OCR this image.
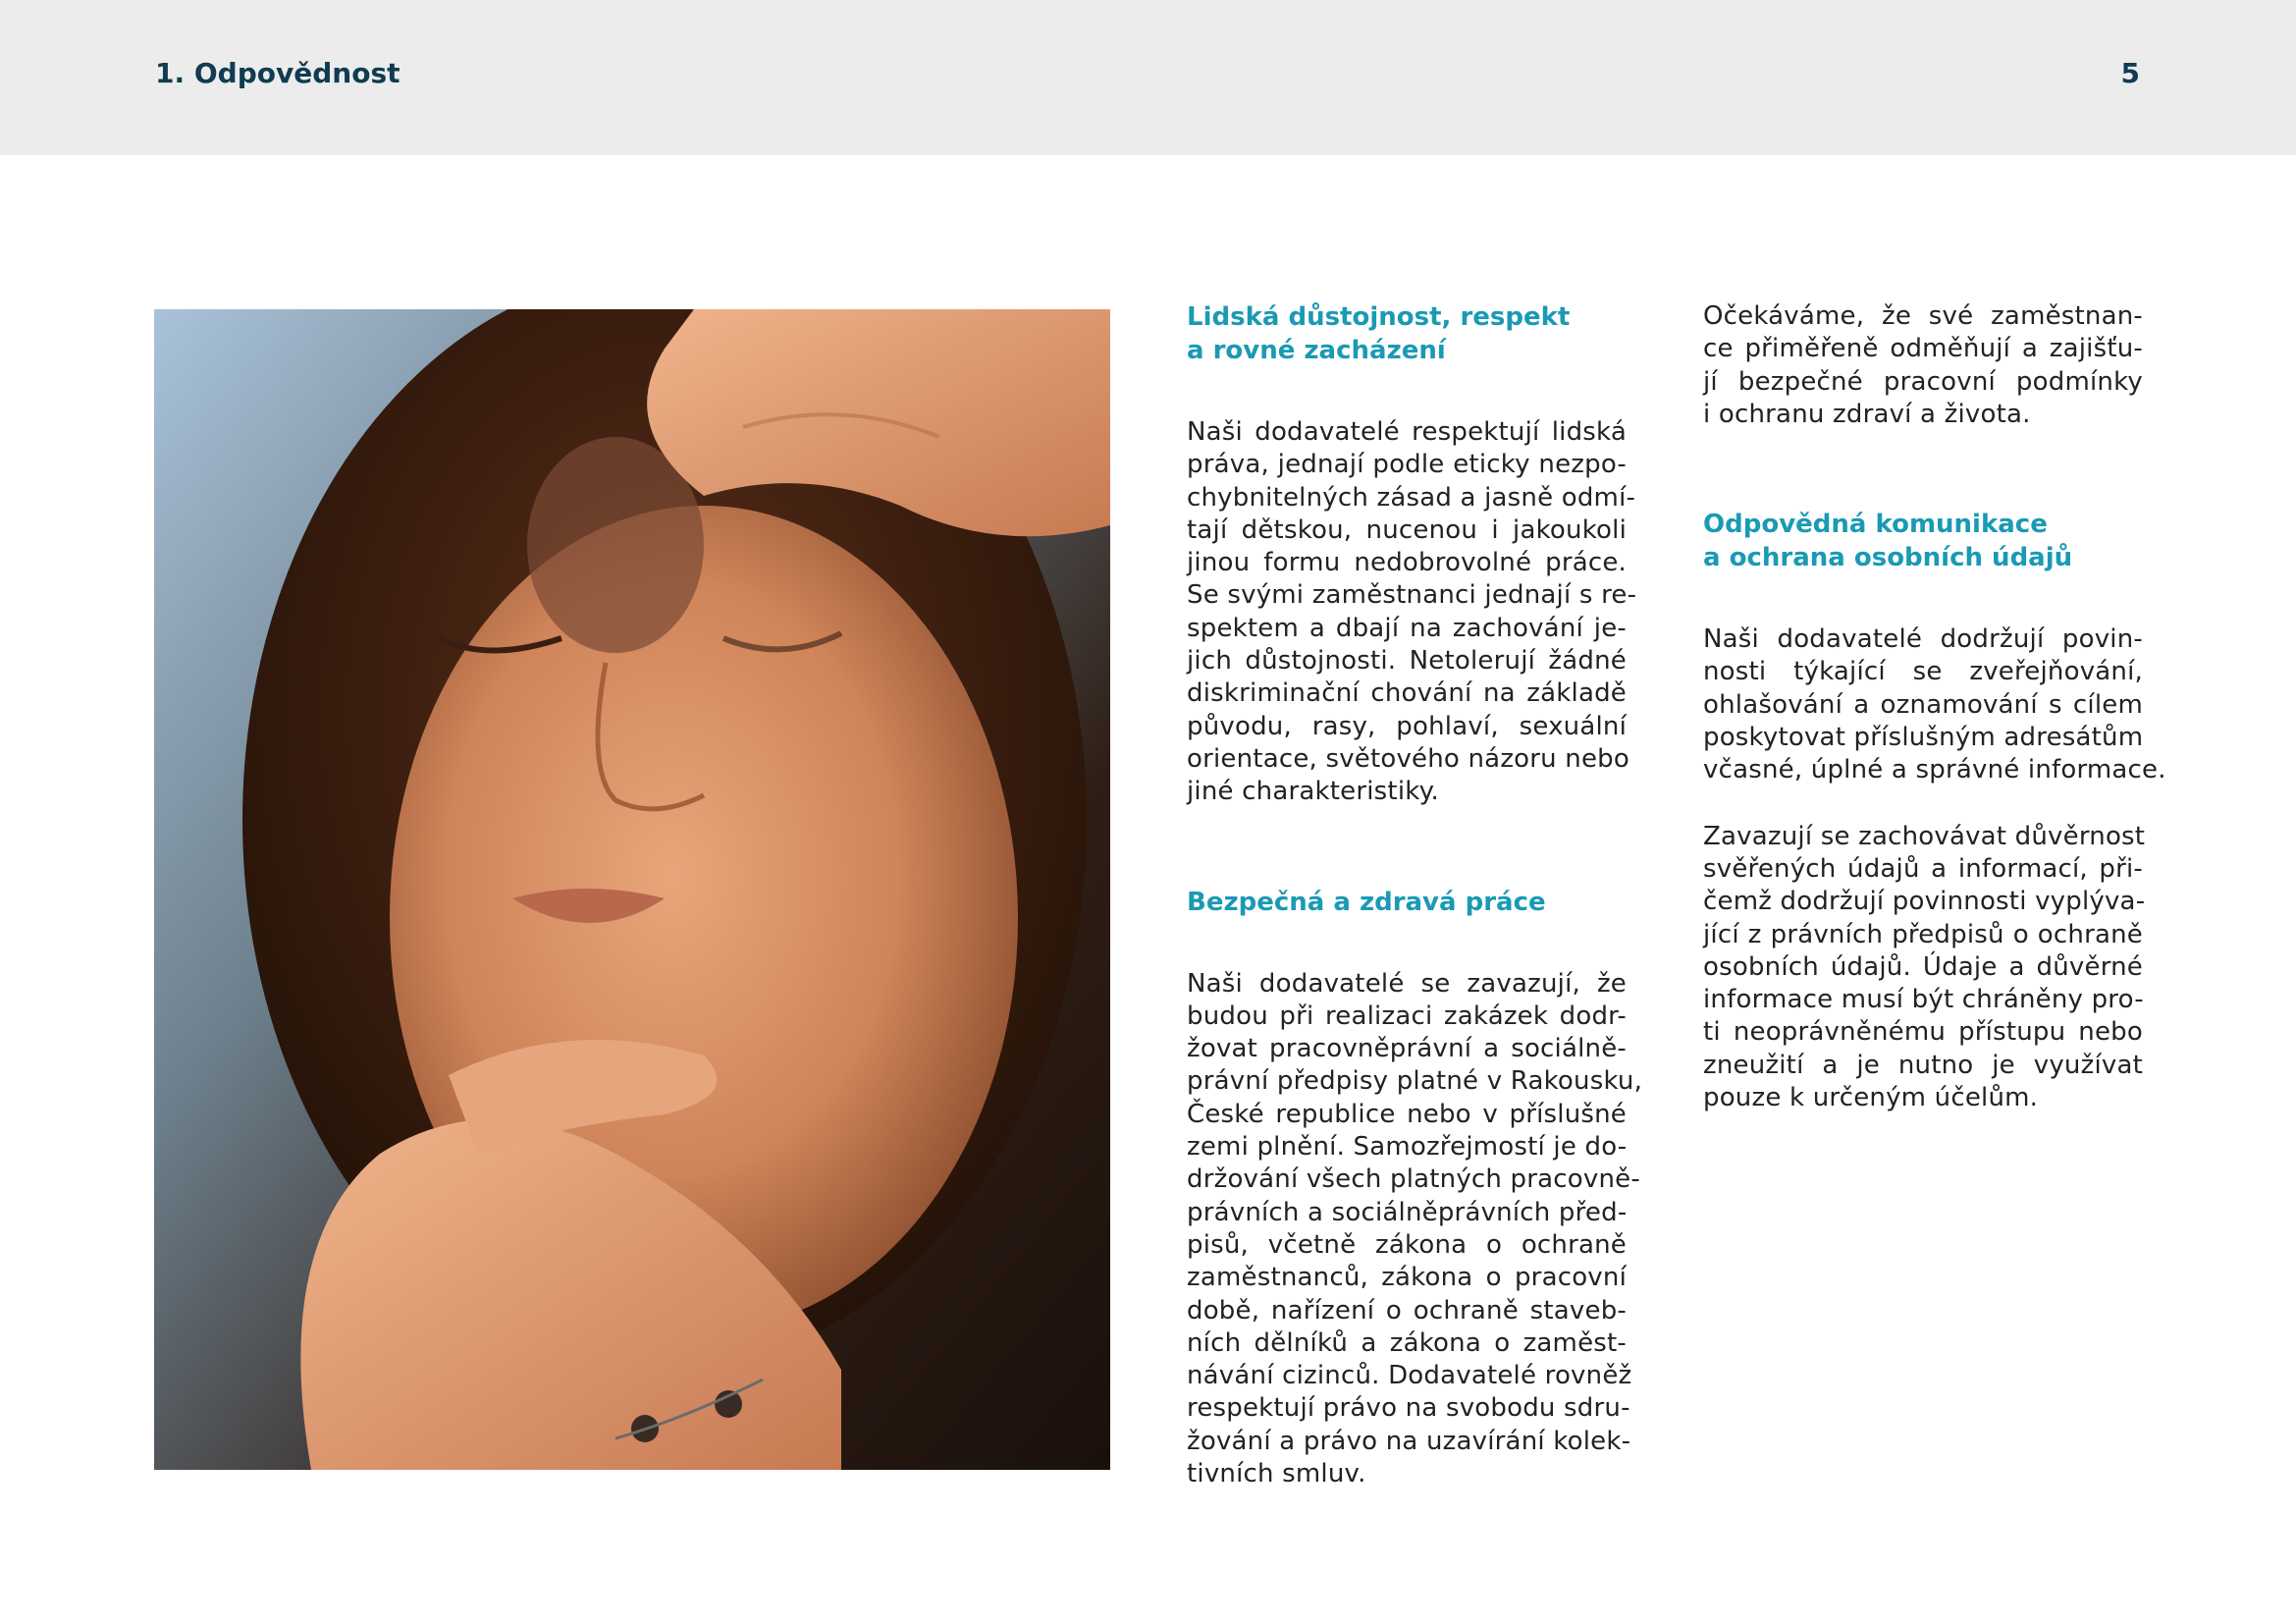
1. Odpovědnost	5
Lidská důstojnost, respekt
a rovné zacházení

Naši dodavatelé respektují lidská
práva, jednají podle eticky nezpo-
chybnitelných zásad a jasně odmí-
tají dětskou, nucenou i jakoukoli
jinou formu nedobrovolné práce.
Se svými zaměstnanci jednají s re-
spektem a dbají na zachování je-
jich důstojnosti. Netolerují žádné
diskriminační chování na základě
původu, rasy, pohlaví, sexuální
orientace, světového názoru nebo
jiné charakteristiky.

Bezpečná a zdravá práce

Naši dodavatelé se zavazují, že
budou při realizaci zakázek dodr-
žovat pracovněprávní a sociálně-
právní předpisy platné v Rakousku,
České republice nebo v příslušné
zemi plnění. Samozřejmostí je do-
držování všech platných pracovně-
právních a sociálněprávních před-
pisů, včetně zákona o ochraně
zaměstnanců, zákona o pracovní
době, nařízení o ochraně staveb-
ních dělníků a zákona o zaměst-
návání cizinců. Dodavatelé rovněž
respektují právo na svobodu sdru-
žování a právo na uzavírání kolek-
tivních smluv.

Očekáváme, že své zaměstnan-
ce přiměřeně odměňují a zajišťu-
jí bezpečné pracovní podmínky
i ochranu zdraví a života.

Odpovědná komunikace
a ochrana osobních údajů

Naši dodavatelé dodržují povin-
nosti týkající se zveřejňování,
ohlašování a oznamování s cílem
poskytovat příslušným adresátům
včasné, úplné a správné informace.

Zavazují se zachovávat důvěrnost
svěřených údajů a informací, při-
čemž dodržují povinnosti vyplýva-
jící z právních předpisů o ochraně
osobních údajů. Údaje a důvěrné
informace musí být chráněny pro-
ti neoprávněnému přístupu nebo
zneužití a je nutno je využívat
pouze k určeným účelům.
